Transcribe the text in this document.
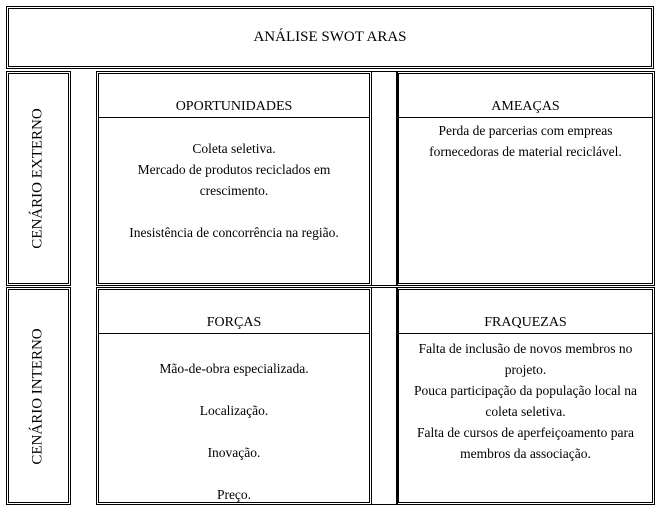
ANÁLISE SWOT ARAS
CENÁRIO EXTERNO
CENÁRIO INTERNO
OPORTUNIDADES

Coleta seletiva.

Mercado de produtos reciclados em crescimento.

Inesistência de concorrência na região.

AMEAÇAS

Perda de parcerias com empreas fornecedoras de material reciclável.

FORÇAS

Mão-de-obra especializada.

Localização.

Inovação.

Preço.

FRAQUEZAS

Falta de inclusão de novos membros no projeto.

Pouca participação da população local na coleta seletiva.

Falta de cursos de aperfeiçoamento para membros da associação.
